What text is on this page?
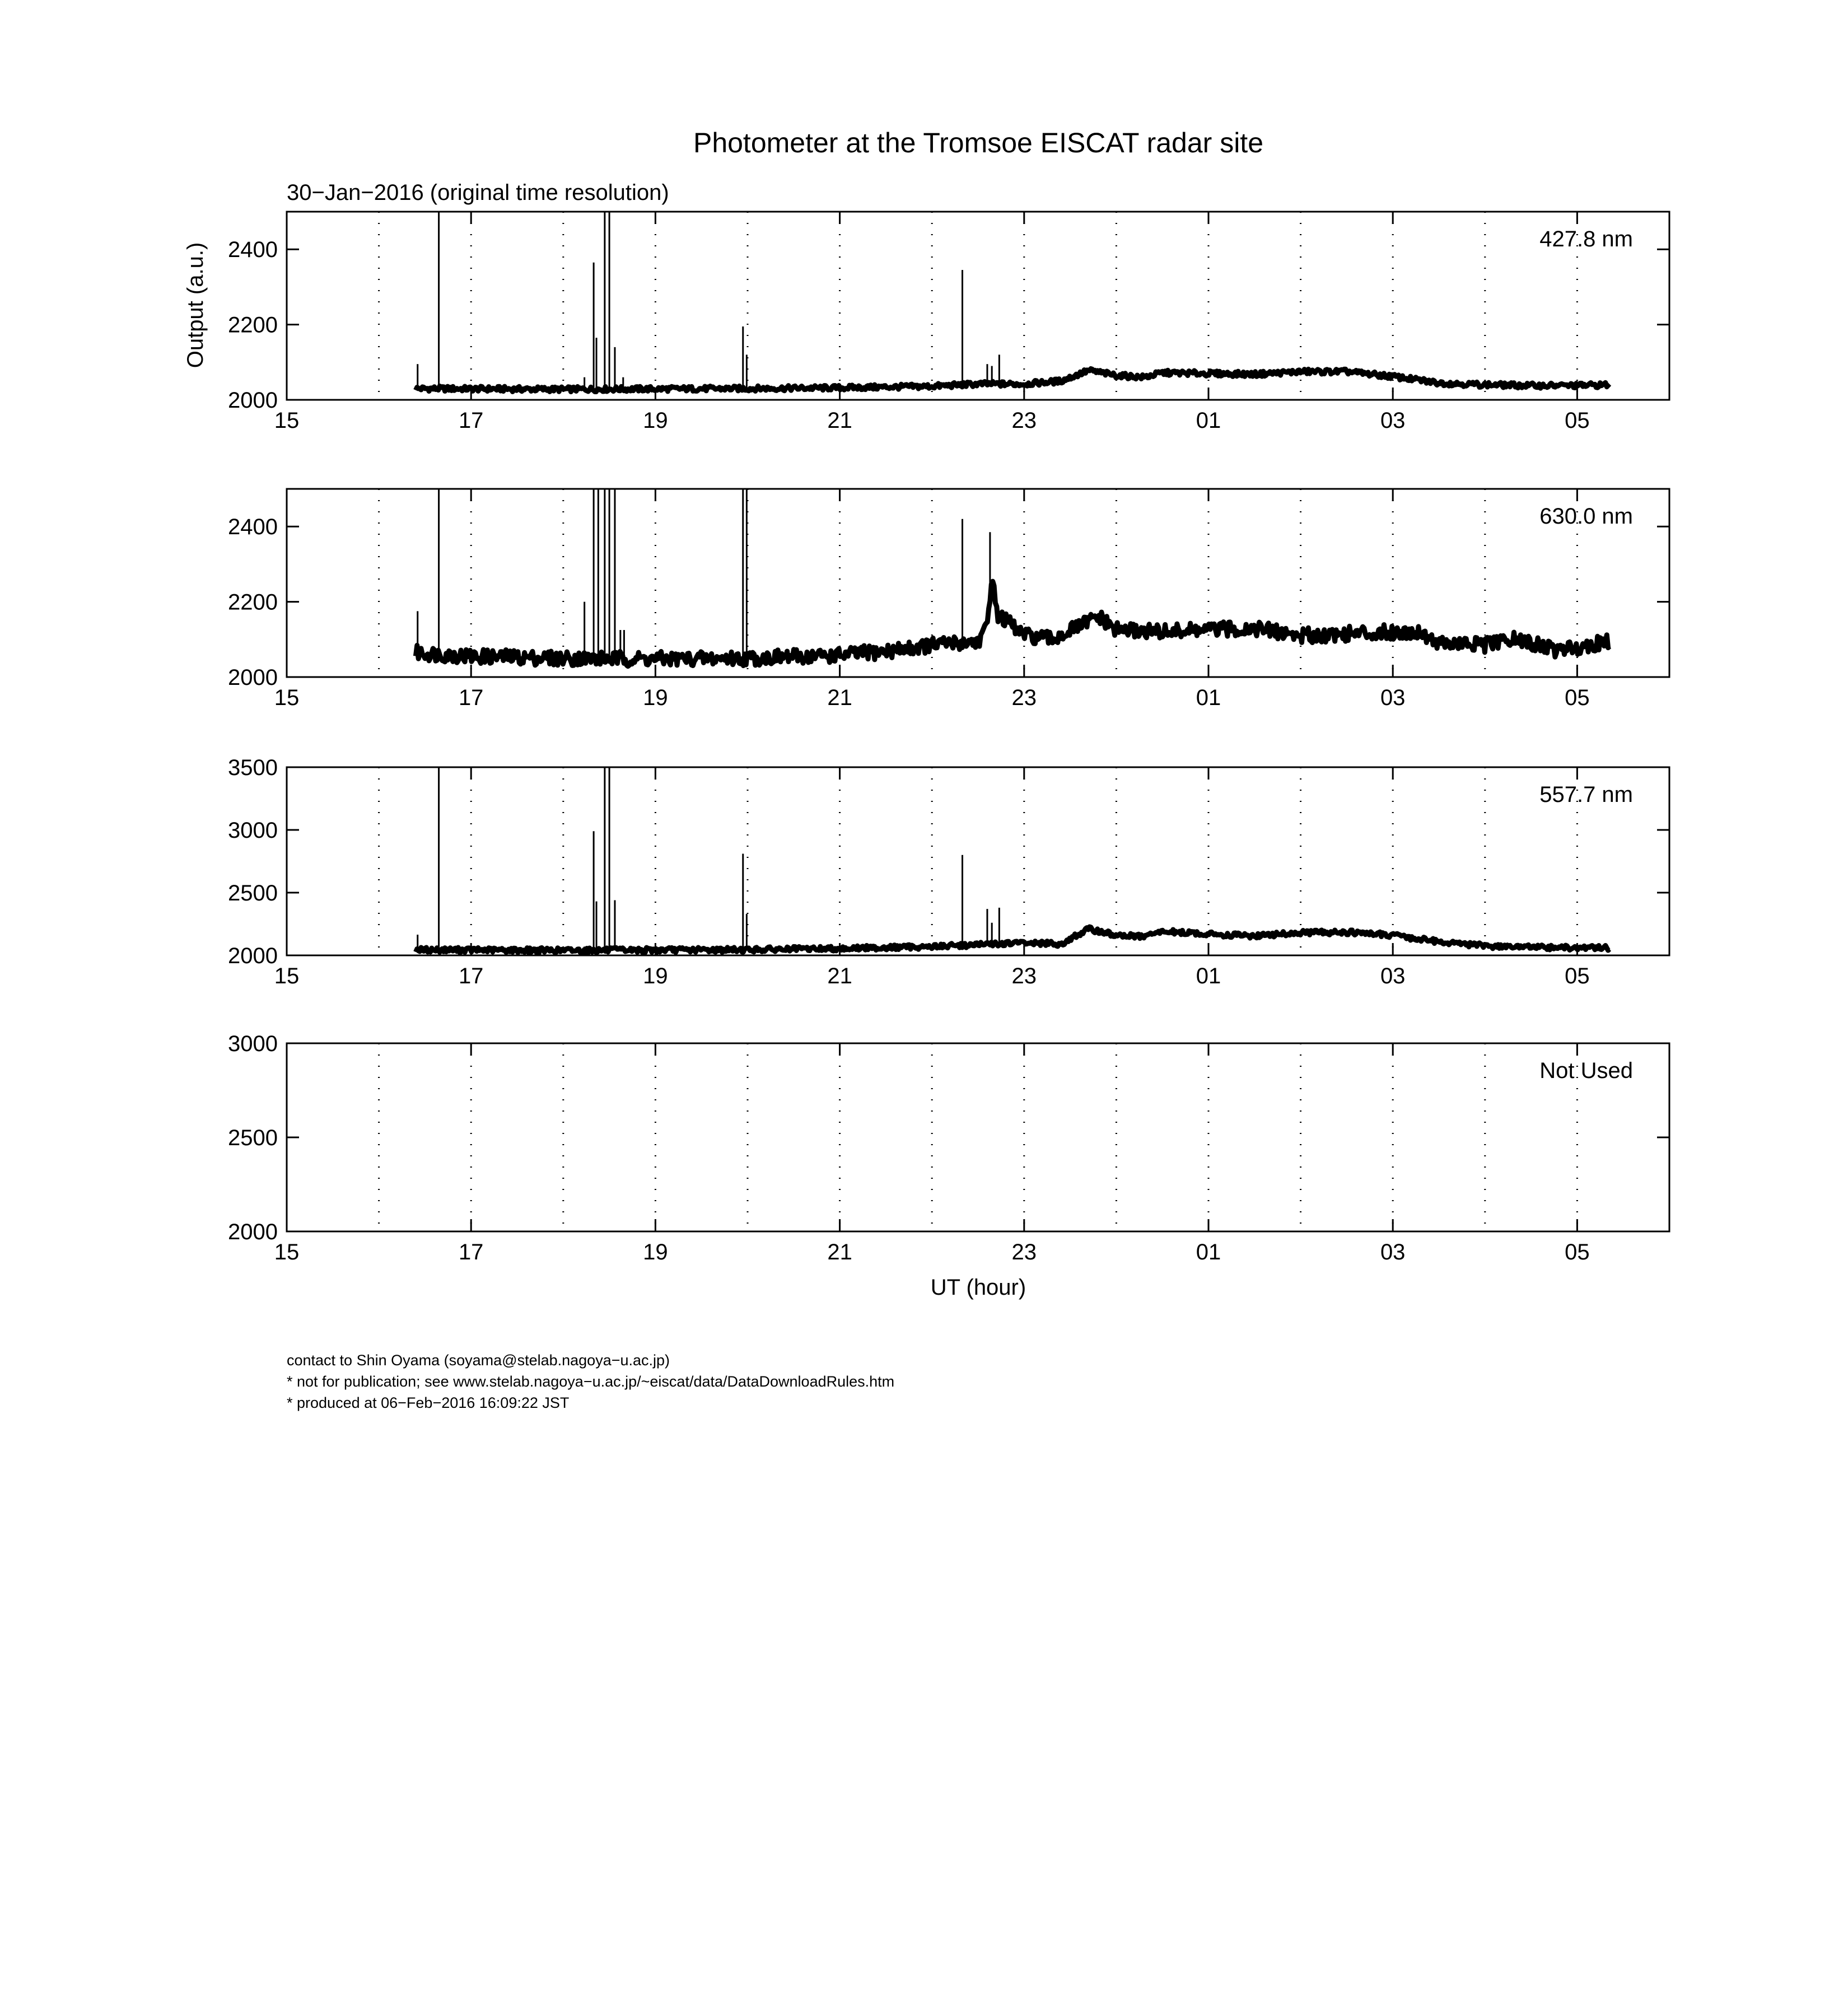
Photometer at the Tromsoe EISCAT radar site
30−Jan−2016 (original time resolution)
Output (a.u.)
UT (hour)
2000
2200
2400
15	17	19	21	23	01	03	05
427.8 nm
2000
2200
2400
15	17	19	21	23	01	03	05
630.0 nm
2000
2500
3000
3500
15	17	19	21	23	01	03	05
557.7 nm
2000
2500
3000
15	17	19	21	23	01	03	05
Not Used
contact to Shin Oyama (soyama@stelab.nagoya−u.ac.jp)
* not for publication; see www.stelab.nagoya−u.ac.jp/~eiscat/data/DataDownloadRules.htm
* produced at 06−Feb−2016 16:09:22 JST
